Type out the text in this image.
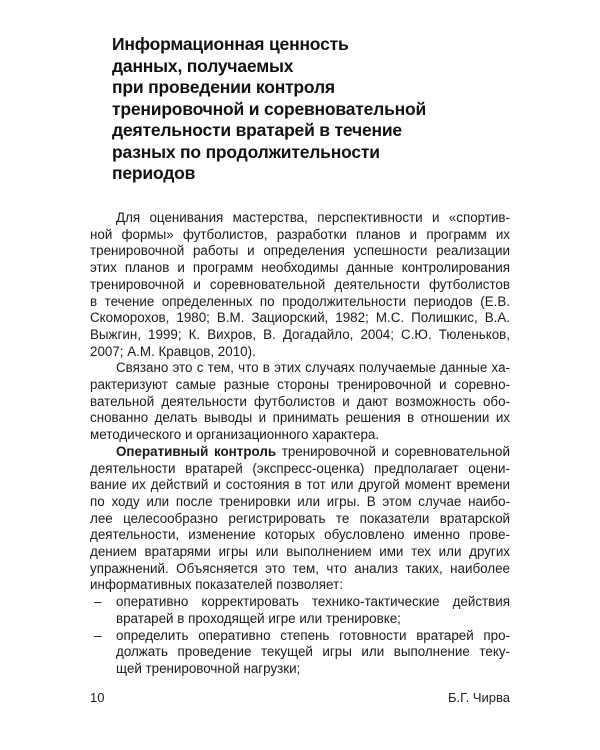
Информационная ценность
данных, получаемых
при проведении контроля
тренировочной и соревновательной
деятельности вратарей в течение
разных по продолжительности
периодов
Для оценивания мастерства, перспективности и «спортив-
ной формы» футболистов, разработки планов и программ их
тренировочной работы и определения успешности реализации
этих планов и программ необходимы данные контролирования
тренировочной и соревновательной деятельности футболистов
в течение определенных по продолжительности периодов (Е.В.
Скоморохов, 1980; В.М. Зациорский, 1982; М.С. Полишкис, В.А.
Выжгин, 1999; К. Вихров, В. Догадайло, 2004; С.Ю. Тюленьков,
2007; А.М. Кравцов, 2010).
Связано это с тем, что в этих случаях получаемые данные ха-
рактеризуют самые разные стороны тренировочной и соревно-
вательной деятельности футболистов и дают возможность обо-
снованно делать выводы и принимать решения в отношении их
методического и организационного характера.
Оперативный контроль тренировочной и соревновательной
деятельности вратарей (экспресс-оценка) предполагает оцени-
вание их действий и состояния в тот или другой момент времени
по ходу или после тренировки или игры. В этом случае наибо-
лее целесообразно регистрировать те показатели вратарской
деятельности, изменение которых обусловлено именно прове-
дением вратарями игры или выполнением ими тех или других
упражнений. Объясняется это тем, что анализ таких, наиболее
информативных показателей позволяет:
– оперативно корректировать технико-тактические действия
вратарей в проходящей игре или тренировке;
– определить оперативно степень готовности вратарей про-
должать проведение текущей игры или выполнение теку-
щей тренировочной нагрузки;
10	Б.Г. Чирва
